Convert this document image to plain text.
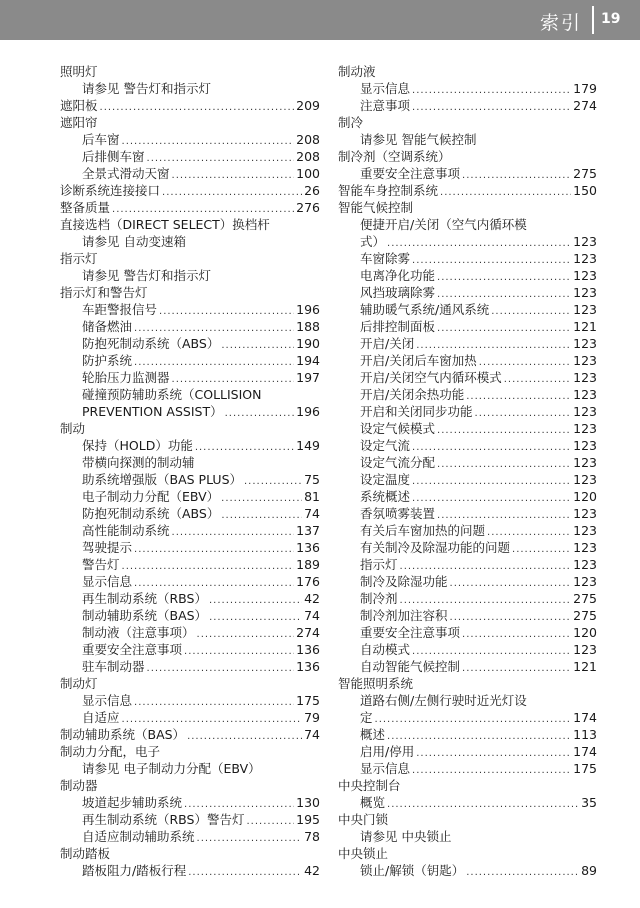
索引 19
照明灯
请参见 警告灯和指示灯
遮阳板 .....	209
遮阳帘
后车窗 .....	208
后排侧车窗 .....	208
全景式滑动天窗 .....	100
诊断系统连接接口 .....	26
整备质量 .....	276
直接选档（DIRECT SELECT）换档杆
请参见 自动变速箱
指示灯
请参见 警告灯和指示灯
指示灯和警告灯
车距警报信号 .....	196
储备燃油 .....	188
防抱死制动系统（ABS） .....	190
防护系统 .....	194
轮胎压力监测器 .....	197
碰撞预防辅助系统（COLLISION
PREVENTION ASSIST） .....	196
制动
保持（HOLD）功能 .....	149
带横向探测的制动辅
助系统增强版（BAS PLUS） .....	75
电子制动力分配（EBV） .....	81
防抱死制动系统（ABS） .....	74
高性能制动系统 .....	137
驾驶提示 .....	136
警告灯 .....	189
显示信息 .....	176
再生制动系统（RBS） .....	42
制动辅助系统（BAS） .....	74
制动液（注意事项） .....	274
重要安全注意事项 .....	136
驻车制动器 .....	136
制动灯
显示信息 .....	175
自适应 .....	79
制动辅助系统（BAS） .....	74
制动力分配，电子
请参见 电子制动力分配（EBV）
制动器
坡道起步辅助系统 .....	130
再生制动系统（RBS）警告灯 .....	195
自适应制动辅助系统 .....	78
制动踏板
踏板阻力/踏板行程 .....	42
制动液
显示信息 .....	179
注意事项 .....	274
制冷
请参见 智能气候控制
制冷剂（空调系统）
重要安全注意事项 .....	275
智能车身控制系统 .....	150
智能气候控制
便捷开启/关闭（空气内循环模
式） .....	123
车窗除雾 .....	123
电离净化功能 .....	123
风挡玻璃除雾 .....	123
辅助暖气系统/通风系统 .....	123
后排控制面板 .....	121
开启/关闭 .....	123
开启/关闭后车窗加热 .....	123
开启/关闭空气内循环模式 .....	123
开启/关闭余热功能 .....	123
开启和关闭同步功能 .....	123
设定气候模式 .....	123
设定气流 .....	123
设定气流分配 .....	123
设定温度 .....	123
系统概述 .....	120
香氛喷雾装置 .....	123
有关后车窗加热的问题 .....	123
有关制冷及除湿功能的问题 .....	123
指示灯 .....	123
制冷及除湿功能 .....	123
制冷剂 .....	275
制冷剂加注容积 .....	275
重要安全注意事项 .....	120
自动模式 .....	123
自动智能气候控制 .....	121
智能照明系统
道路右侧/左侧行驶时近光灯设
定 .....	174
概述 .....	113
启用/停用 .....	174
显示信息 .....	175
中央控制台
概览 .....	35
中央门锁
请参见 中央锁止
中央锁止
锁止/解锁（钥匙） .....	89
